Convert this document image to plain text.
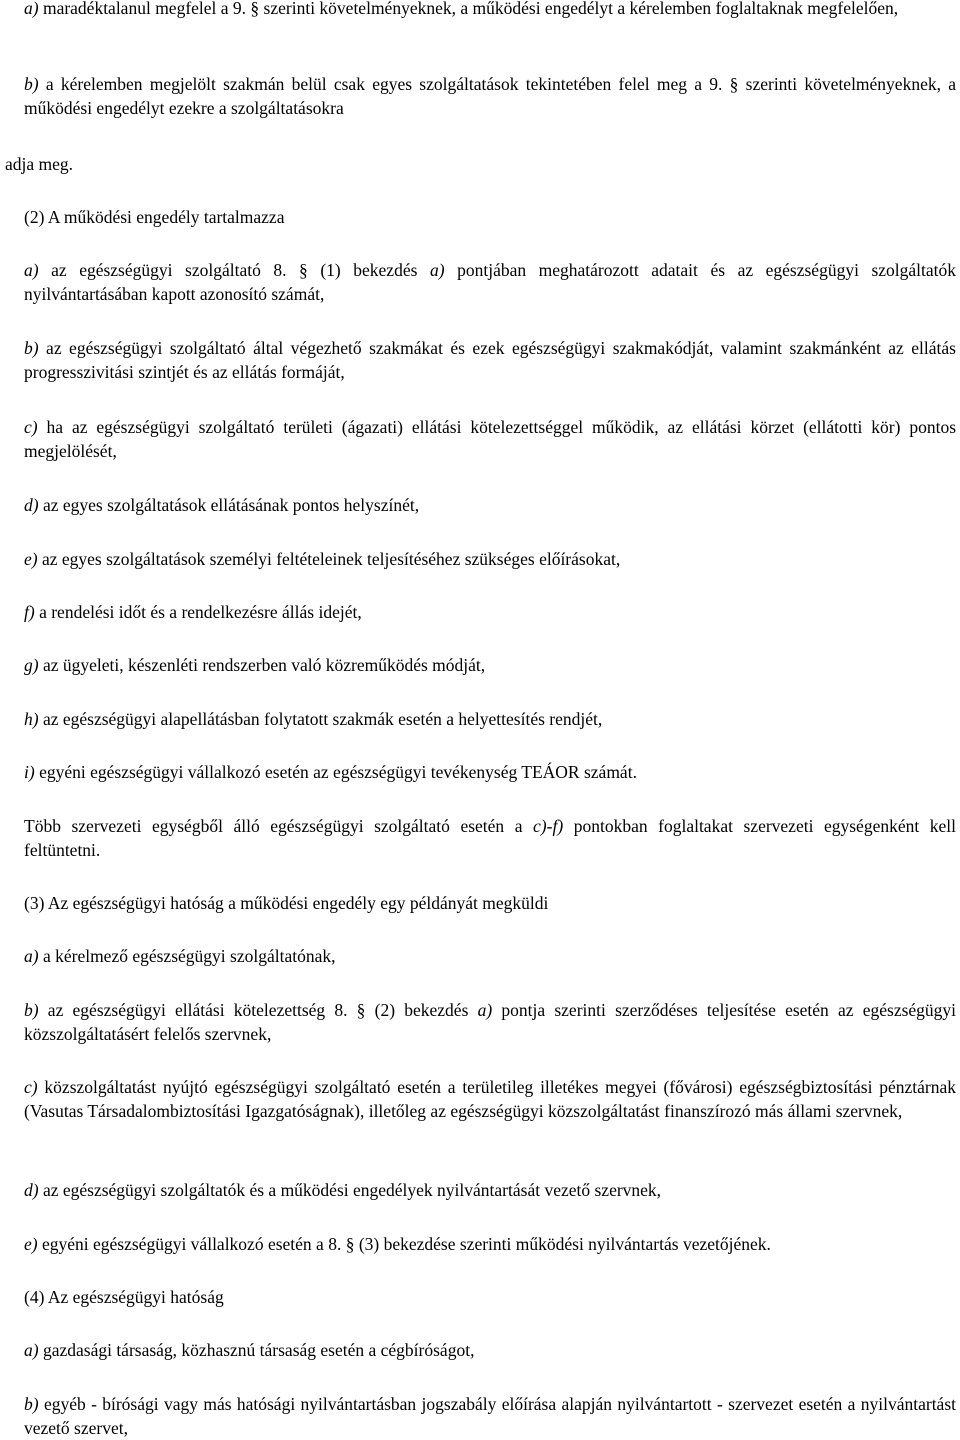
a) maradéktalanul megfelel a 9. § szerinti követelményeknek, a működési engedélyt a kérelemben foglaltaknak megfelelően,

b) a kérelemben megjelölt szakmán belül csak egyes szolgáltatások tekintetében felel meg a 9. § szerinti követelményeknek, a működési engedélyt ezekre a szolgáltatásokra

adja meg.

(2) A működési engedély tartalmazza

a) az egészségügyi szolgáltató 8. § (1) bekezdés a) pontjában meghatározott adatait és az egészségügyi szolgáltatók nyilvántartásában kapott azonosító számát,

b) az egészségügyi szolgáltató által végezhető szakmákat és ezek egészségügyi szakmakódját, valamint szakmánként az ellátás progresszivitási szintjét és az ellátás formáját,

c) ha az egészségügyi szolgáltató területi (ágazati) ellátási kötelezettséggel működik, az ellátási körzet (ellátotti kör) pontos megjelölését,

d) az egyes szolgáltatások ellátásának pontos helyszínét,

e) az egyes szolgáltatások személyi feltételeinek teljesítéséhez szükséges előírásokat,

f) a rendelési időt és a rendelkezésre állás idejét,

g) az ügyeleti, készenléti rendszerben való közreműködés módját,

h) az egészségügyi alapellátásban folytatott szakmák esetén a helyettesítés rendjét,

i) egyéni egészségügyi vállalkozó esetén az egészségügyi tevékenység TEÁOR számát.

Több szervezeti egységből álló egészségügyi szolgáltató esetén a c)-f) pontokban foglaltakat szervezeti egységenként kell feltüntetni.

(3) Az egészségügyi hatóság a működési engedély egy példányát megküldi

a) a kérelmező egészségügyi szolgáltatónak,

b) az egészségügyi ellátási kötelezettség 8. § (2) bekezdés a) pontja szerinti szerződéses teljesítése esetén az egészségügyi közszolgáltatásért felelős szervnek,

c) közszolgáltatást nyújtó egészségügyi szolgáltató esetén a területileg illetékes megyei (fővárosi) egészségbiztosítási pénztárnak (Vasutas Társadalombiztosítási Igazgatóságnak), illetőleg az egészségügyi közszolgáltatást finanszírozó más állami szervnek,

d) az egészségügyi szolgáltatók és a működési engedélyek nyilvántartását vezető szervnek,

e) egyéni egészségügyi vállalkozó esetén a 8. § (3) bekezdése szerinti működési nyilvántartás vezetőjének.

(4) Az egészségügyi hatóság

a) gazdasági társaság, közhasznú társaság esetén a cégbíróságot,

b) egyéb - bírósági vagy más hatósági nyilvántartásban jogszabály előírása alapján nyilvántartott - szervezet esetén a nyilvántartást vezető szervet,
